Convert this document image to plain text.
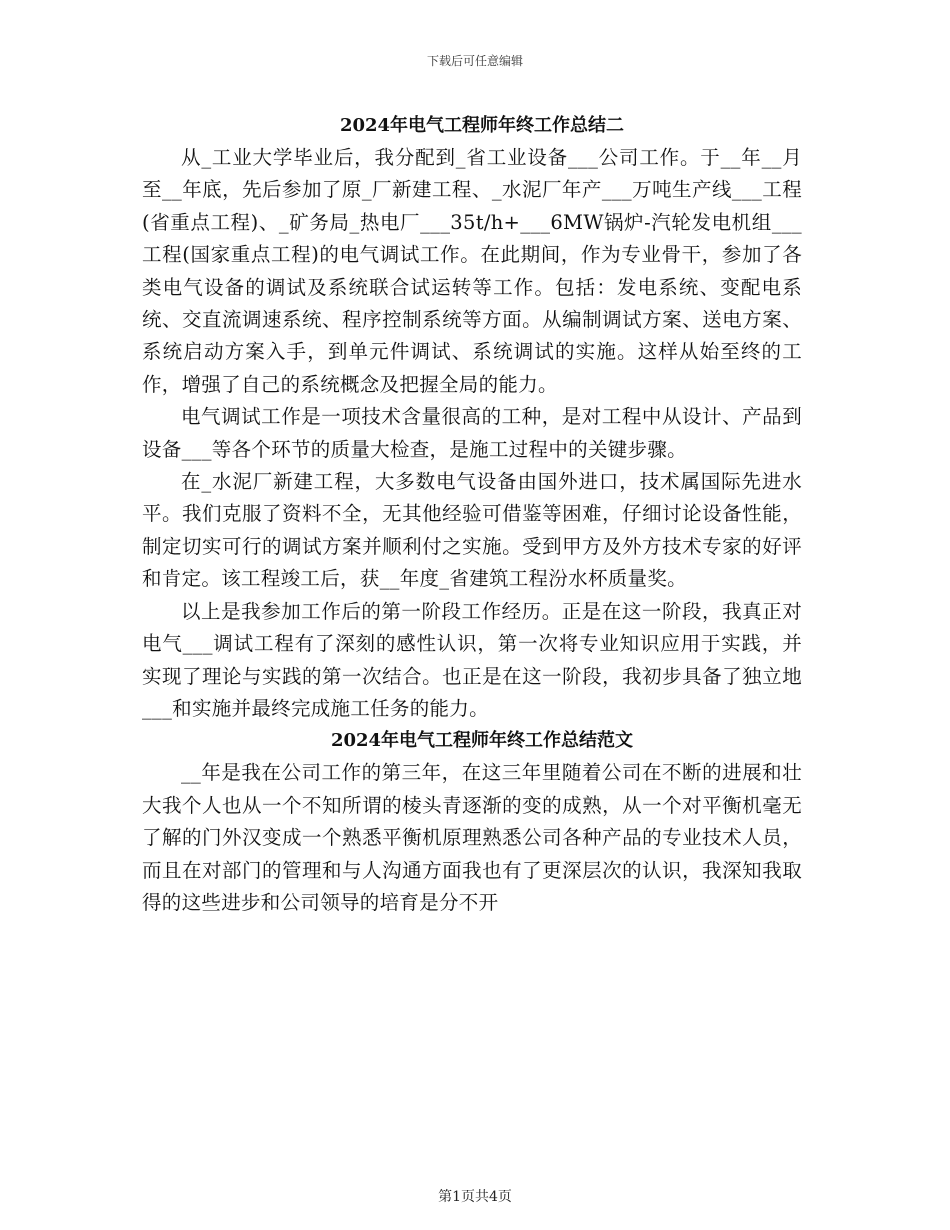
下载后可任意编辑
2024年电气工程师年终工作总结二

从_工业大学毕业后，我分配到_省工业设备___公司工作。于__年__月至__年底，先后参加了原_厂新建工程、_水泥厂年产___万吨生产线___工程(省重点工程)、_矿务局_热电厂___35t/h+___6MW锅炉-汽轮发电机组___工程(国家重点工程)的电气调试工作。在此期间，作为专业骨干，参加了各类电气设备的调试及系统联合试运转等工作。包括：发电系统、变配电系统、交直流调速系统、程序控制系统等方面。从编制调试方案、送电方案、系统启动方案入手，到单元件调试、系统调试的实施。这样从始至终的工作，增强了自己的系统概念及把握全局的能力。

电气调试工作是一项技术含量很高的工种，是对工程中从设计、产品到设备___等各个环节的质量大检查，是施工过程中的关键步骤。

在_水泥厂新建工程，大多数电气设备由国外进口，技术属国际先进水平。我们克服了资料不全，无其他经验可借鉴等困难，仔细讨论设备性能，制定切实可行的调试方案并顺利付之实施。受到甲方及外方技术专家的好评和肯定。该工程竣工后，获__年度_省建筑工程汾水杯质量奖。

以上是我参加工作后的第一阶段工作经历。正是在这一阶段，我真正对电气___调试工程有了深刻的感性认识，第一次将专业知识应用于实践，并实现了理论与实践的第一次结合。也正是在这一阶段，我初步具备了独立地___和实施并最终完成施工任务的能力。

2024年电气工程师年终工作总结范文

__年是我在公司工作的第三年，在这三年里随着公司在不断的进展和壮大我个人也从一个不知所谓的棱头青逐渐的变的成熟，从一个对平衡机毫无了解的门外汉变成一个熟悉平衡机原理熟悉公司各种产品的专业技术人员，而且在对部门的管理和与人沟通方面我也有了更深层次的认识，我深知我取得的这些进步和公司领导的培育是分不开

第1页共4页
